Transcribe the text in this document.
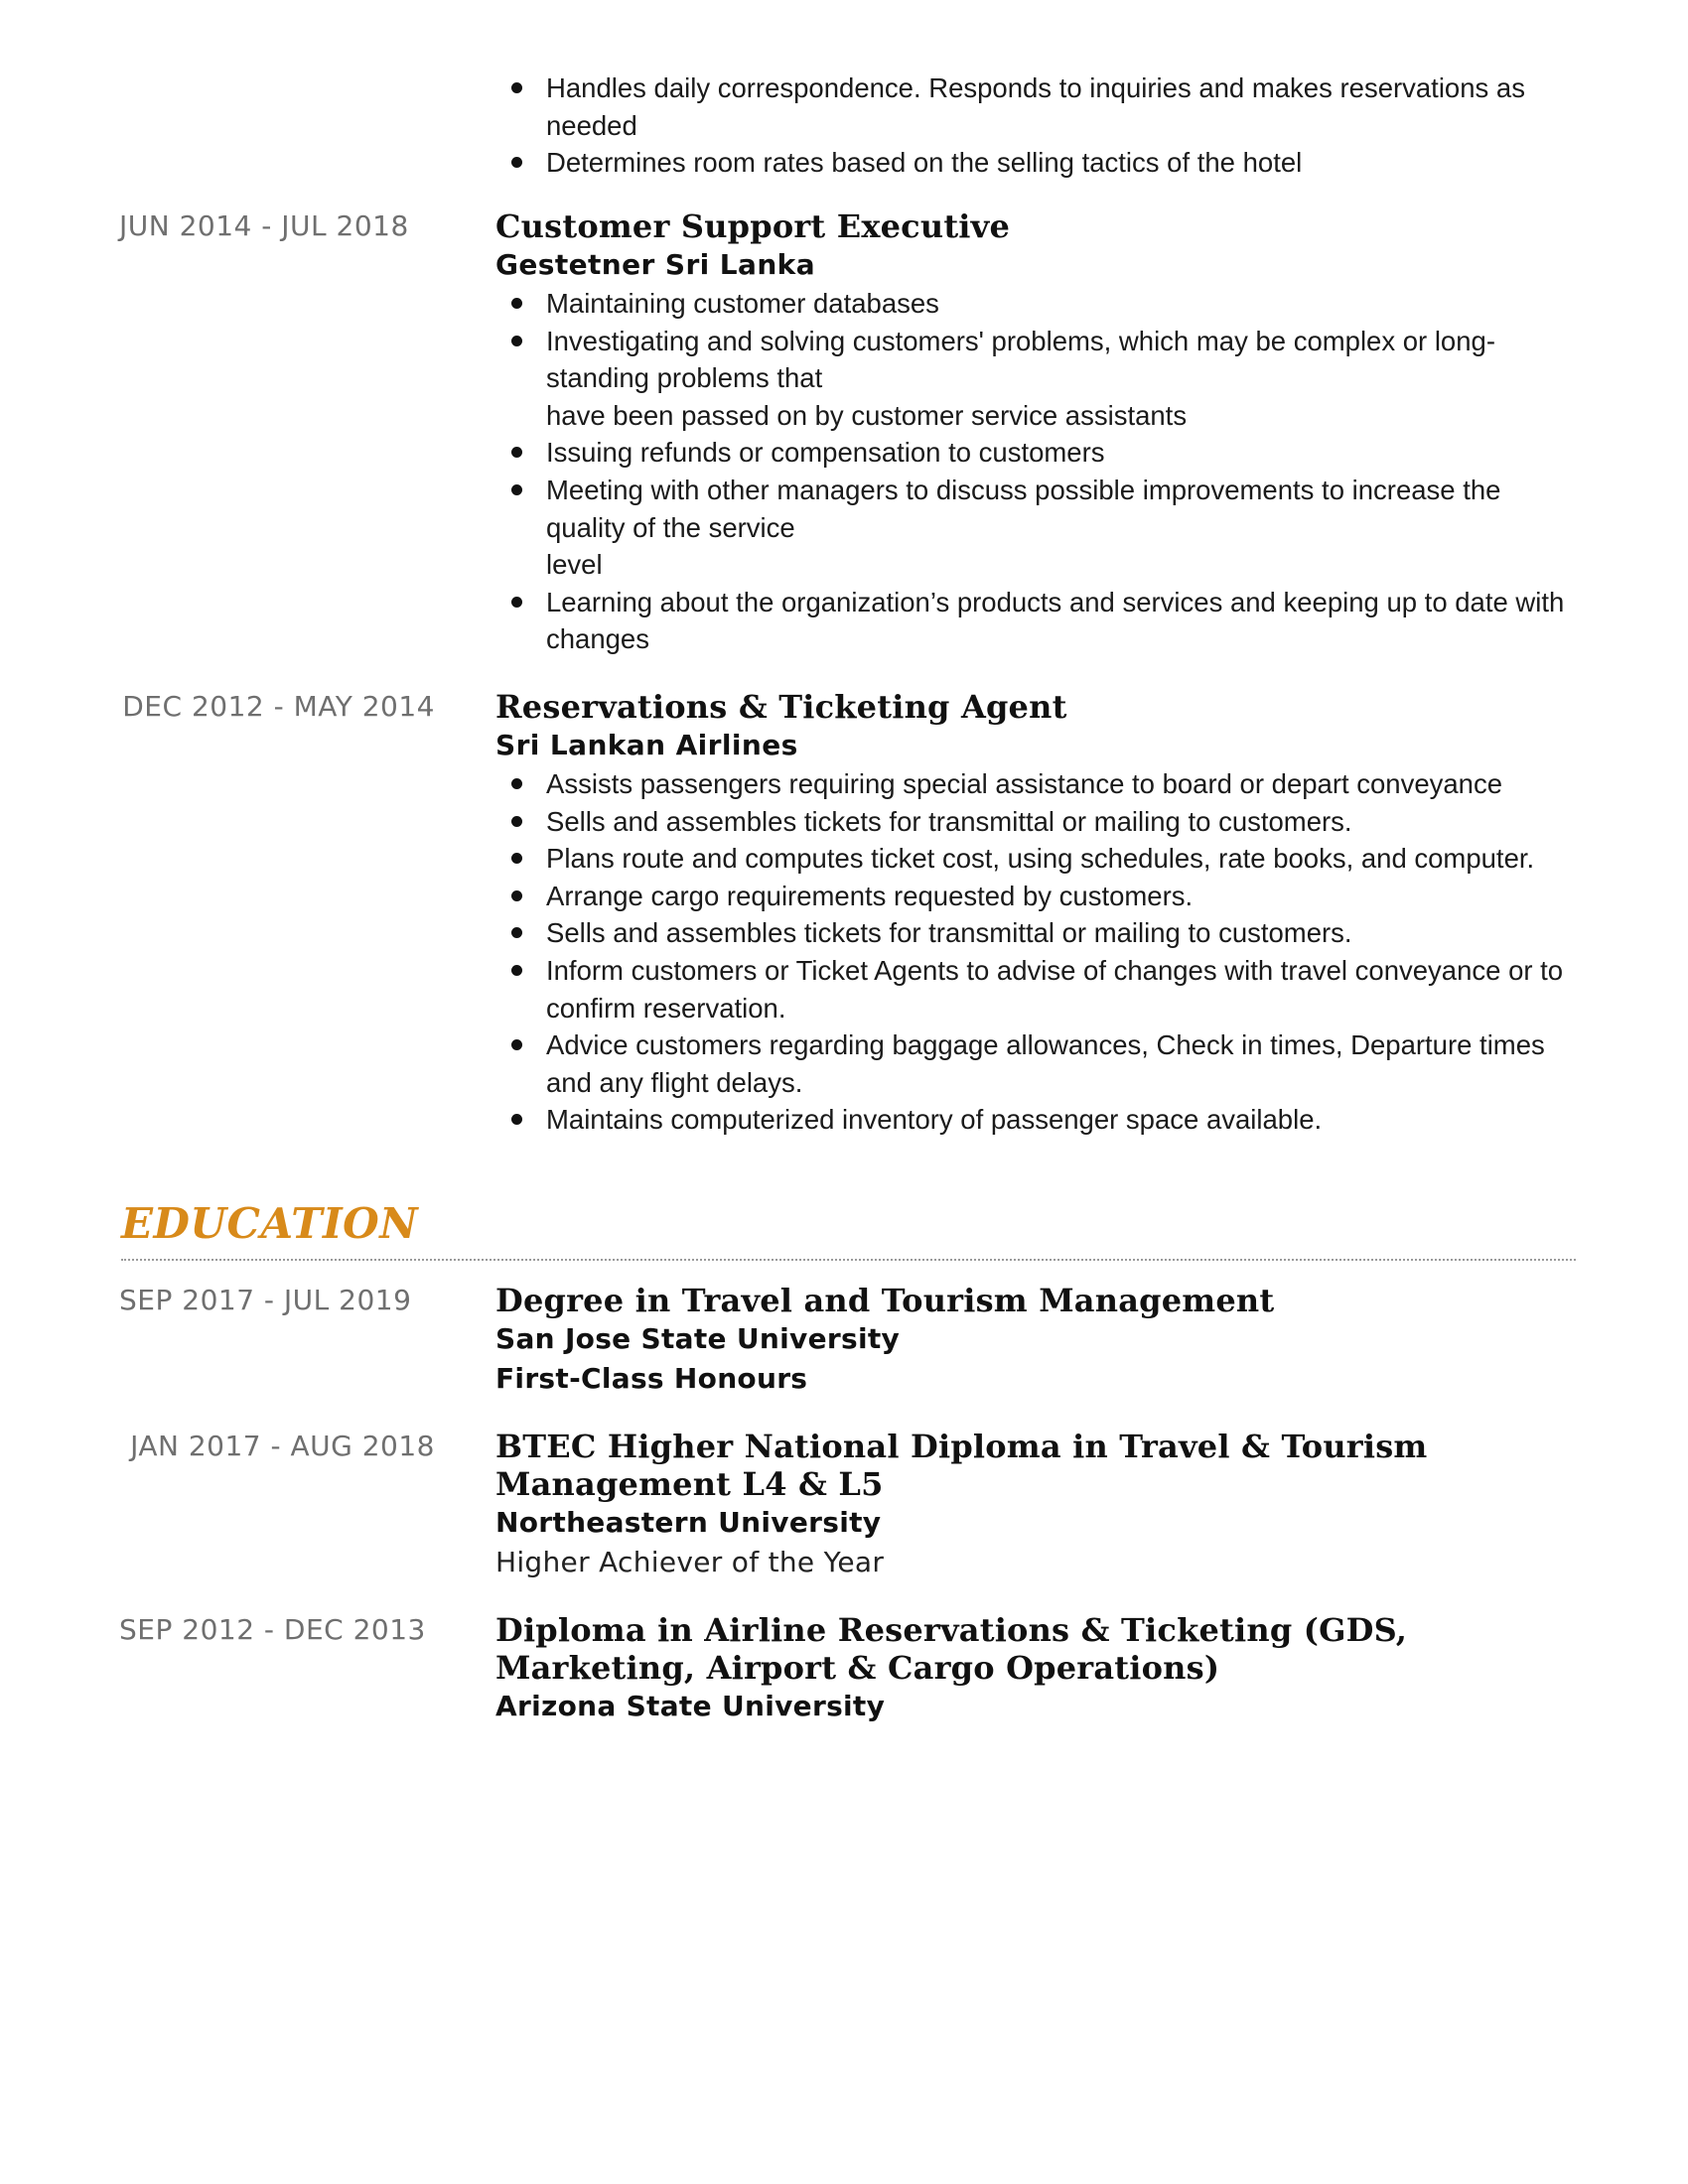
Handles daily correspondence. Responds to inquiries and makes reservations as needed
Determines room rates based on the selling tactics of the hotel
JUN 2014 - JUL 2018	Customer Support Executive
Gestetner Sri Lanka
Maintaining customer databases
Investigating and solving customers' problems, which may be complex or long-standing problems that
have been passed on by customer service assistants
Issuing refunds or compensation to customers
Meeting with other managers to discuss possible improvements to increase the quality of the service
level
Learning about the organization’s products and services and keeping up to date with changes
DEC 2012 - MAY 2014 Reservations & Ticketing Agent
Sri Lankan Airlines
Assists passengers requiring special assistance to board or depart conveyance
Sells and assembles tickets for transmittal or mailing to customers.
Plans route and computes ticket cost, using schedules, rate books, and computer.
Arrange cargo requirements requested by customers.
Sells and assembles tickets for transmittal or mailing to customers.
Inform customers or Ticket Agents to advise of changes with travel conveyance or to confirm reservation.
Advice customers regarding baggage allowances, Check in times, Departure times and any flight delays.
Maintains computerized inventory of passenger space available.
EDUCATION
SEP 2017 - JUL 2019	Degree in Travel and Tourism Management
San Jose State University
First-Class Honours
JAN 2017 - AUG 2018 BTEC Higher National Diploma in Travel & Tourism Management L4 & L5
Northeastern University
Higher Achiever of the Year
SEP 2012 - DEC 2013 Diploma in Airline Reservations & Ticketing (GDS, Marketing, Airport & Cargo Operations)
Arizona State University
